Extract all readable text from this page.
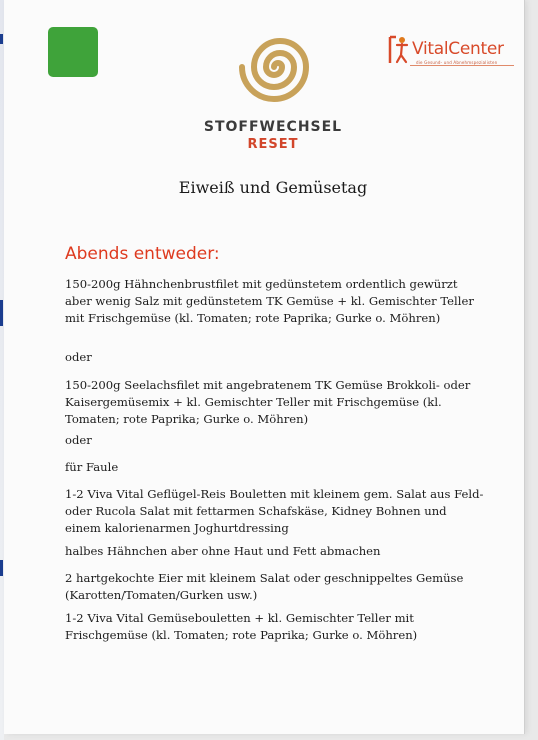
STOFFWECHSEL
RESET
VitalCenter
die Gesund- und Abnehmspezialisten
Eiweiß und Gemüsetag
Abends entweder:

150-200g Hähnchenbrustfilet mit gedünstetem ordentlich gewürzt aber wenig Salz mit gedünstetem TK Gemüse + kl. Gemischter Teller mit Frischgemüse (kl. Tomaten; rote Paprika; Gurke o. Möhren)

oder

150-200g Seelachsfilet mit angebratenem TK Gemüse Brokkoli- oder Kaisergemüsemix + kl. Gemischter Teller mit Frischgemüse (kl. Tomaten; rote Paprika; Gurke o. Möhren)

oder

für Faule

1-2 Viva Vital Geflügel-Reis Bouletten mit kleinem gem. Salat aus Feld- oder Rucola Salat mit fettarmen Schafskäse, Kidney Bohnen und einem kalorienarmen Joghurtdressing

halbes Hähnchen aber ohne Haut und Fett abmachen

2 hartgekochte Eier mit kleinem Salat oder geschnippeltes Gemüse (Karotten/Tomaten/Gurken usw.)

1-2 Viva Vital Gemüsebouletten + kl. Gemischter Teller mit Frischgemüse (kl. Tomaten; rote Paprika; Gurke o. Möhren)
